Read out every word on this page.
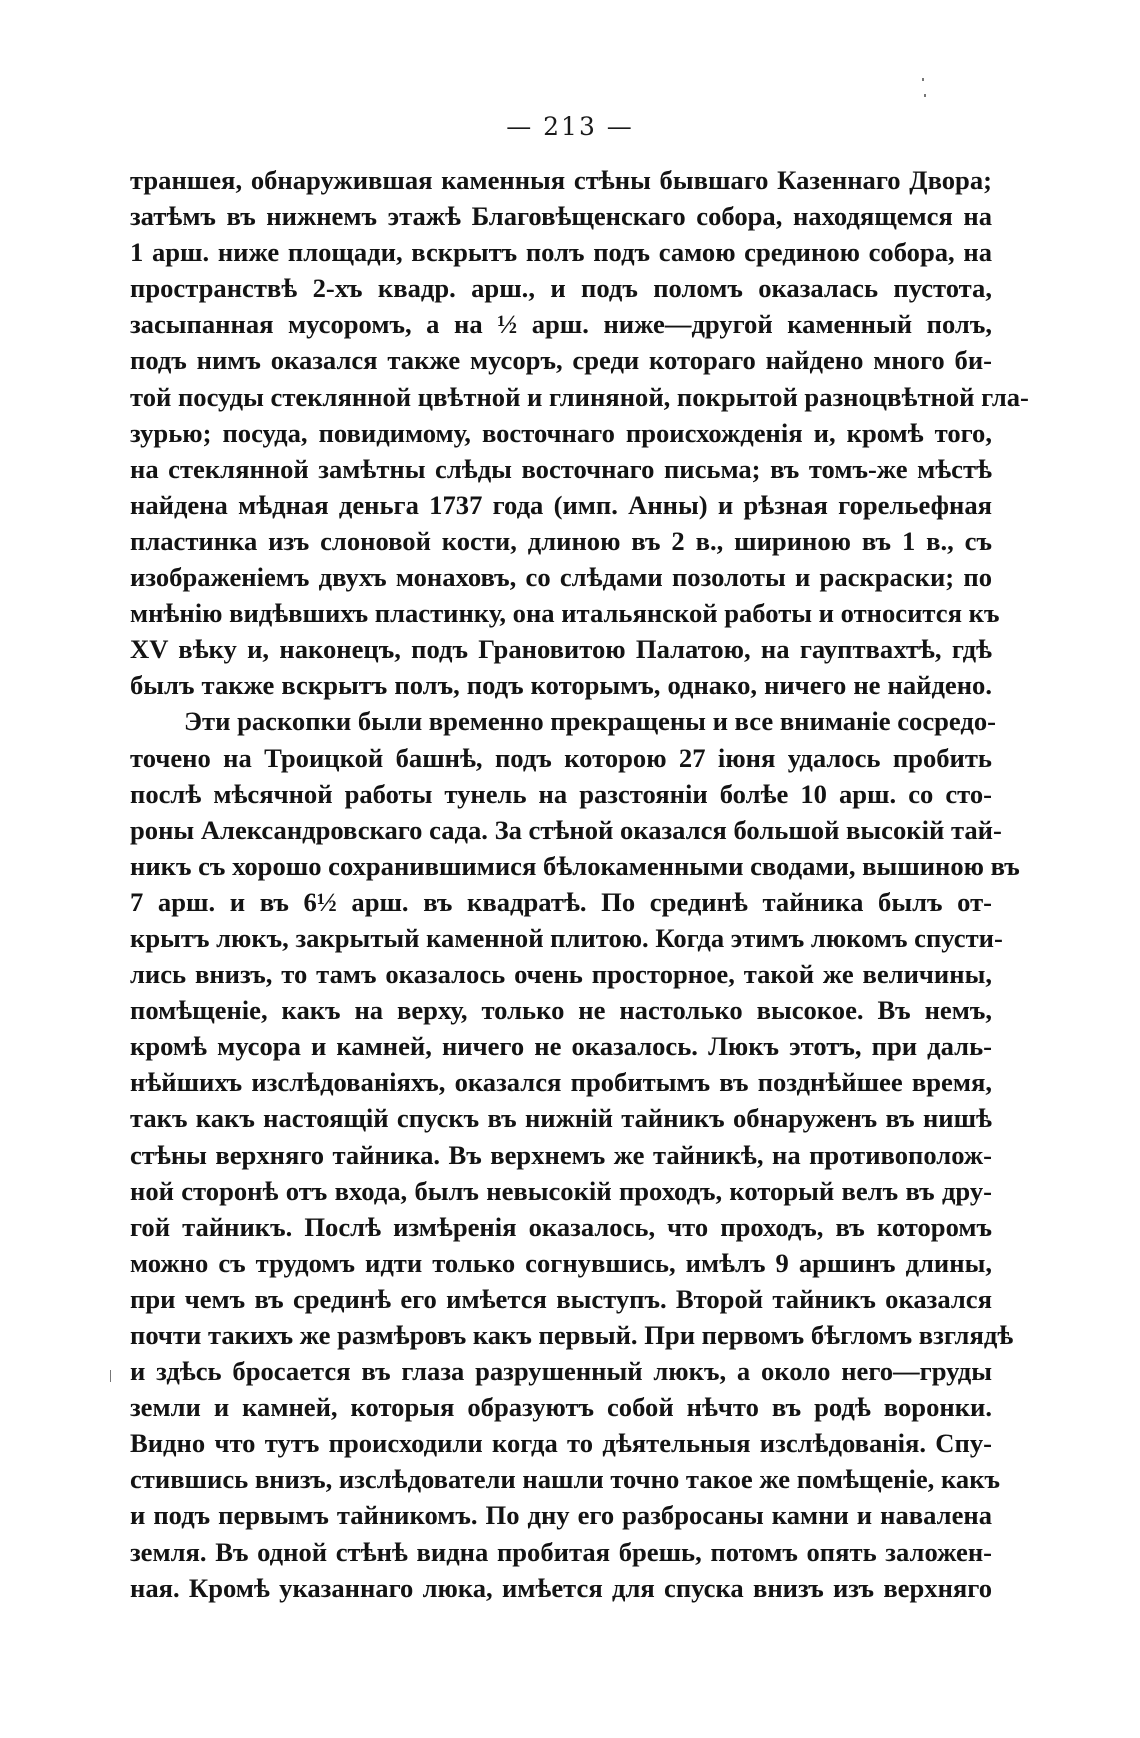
— 213 —
траншея, обнаружившая каменныя стѣны бывшаго Казеннаго Двора;
затѣмъ въ нижнемъ этажѣ Благовѣщенскаго собора, находящемся на
1 арш. ниже площади, вскрытъ полъ подъ самою срединою собора, на
пространствѣ 2-хъ квадр. арш., и подъ поломъ оказалась пустота,
засыпанная мусоромъ, а на ½ арш. ниже—другой каменный полъ,
подъ нимъ оказался также мусоръ, среди котораго найдено много би-
той посуды стеклянной цвѣтной и глиняной, покрытой разноцвѣтной гла-
зурью; посуда, повидимому, восточнаго происхожденія и, кромѣ того,
на стеклянной замѣтны слѣды восточнаго письма; въ томъ-же мѣстѣ
найдена мѣдная деньга 1737 года (имп. Анны) и рѣзная горельефная
пластинка изъ слоновой кости, длиною въ 2 в., шириною въ 1 в., съ
изображеніемъ двухъ монаховъ, со слѣдами позолоты и раскраски; по
мнѣнію видѣвшихъ пластинку, она итальянской работы и относится къ
XV вѣку и, наконецъ, подъ Грановитою Палатою, на гауптвахтѣ, гдѣ
былъ также вскрытъ полъ, подъ которымъ, однако, ничего не найдено.
Эти раскопки были временно прекращены и все вниманіе сосредо-
точено на Троицкой башнѣ, подъ которою 27 іюня удалось пробить
послѣ мѣсячной работы тунель на разстояніи болѣе 10 арш. со сто-
роны Александровскаго сада. За стѣной оказался большой высокій тай-
никъ съ хорошо сохранившимися бѣлокаменными сводами, вышиною въ
7 арш. и въ 6½ арш. въ квадратѣ. По срединѣ тайника былъ от-
крытъ люкъ, закрытый каменной плитою. Когда этимъ люкомъ спусти-
лись внизъ, то тамъ оказалось очень просторное, такой же величины,
помѣщеніе, какъ на верху, только не настолько высокое. Въ немъ,
кромѣ мусора и камней, ничего не оказалось. Люкъ этотъ, при даль-
нѣйшихъ изслѣдованіяхъ, оказался пробитымъ въ позднѣйшее время,
такъ какъ настоящій спускъ въ нижній тайникъ обнаруженъ въ нишѣ
стѣны верхняго тайника. Въ верхнемъ же тайникѣ, на противополож-
ной сторонѣ отъ входа, былъ невысокій проходъ, который велъ въ дру-
гой тайникъ. Послѣ измѣренія оказалось, что проходъ, въ которомъ
можно съ трудомъ идти только согнувшись, имѣлъ 9 аршинъ длины,
при чемъ въ срединѣ его имѣется выступъ. Второй тайникъ оказался
почти такихъ же размѣровъ какъ первый. При первомъ бѣгломъ взглядѣ
и здѣсь бросается въ глаза разрушенный люкъ, а около него—груды
земли и камней, которыя образуютъ собой нѣчто въ родѣ воронки.
Видно что тутъ происходили когда то дѣятельныя изслѣдованія. Спу-
стившись внизъ, изслѣдователи нашли точно такое же помѣщеніе, какъ
и подъ первымъ тайникомъ. По дну его разбросаны камни и навалена
земля. Въ одной стѣнѣ видна пробитая брешь, потомъ опять заложен-
ная. Кромѣ указаннаго люка, имѣется для спуска внизъ изъ верхняго
